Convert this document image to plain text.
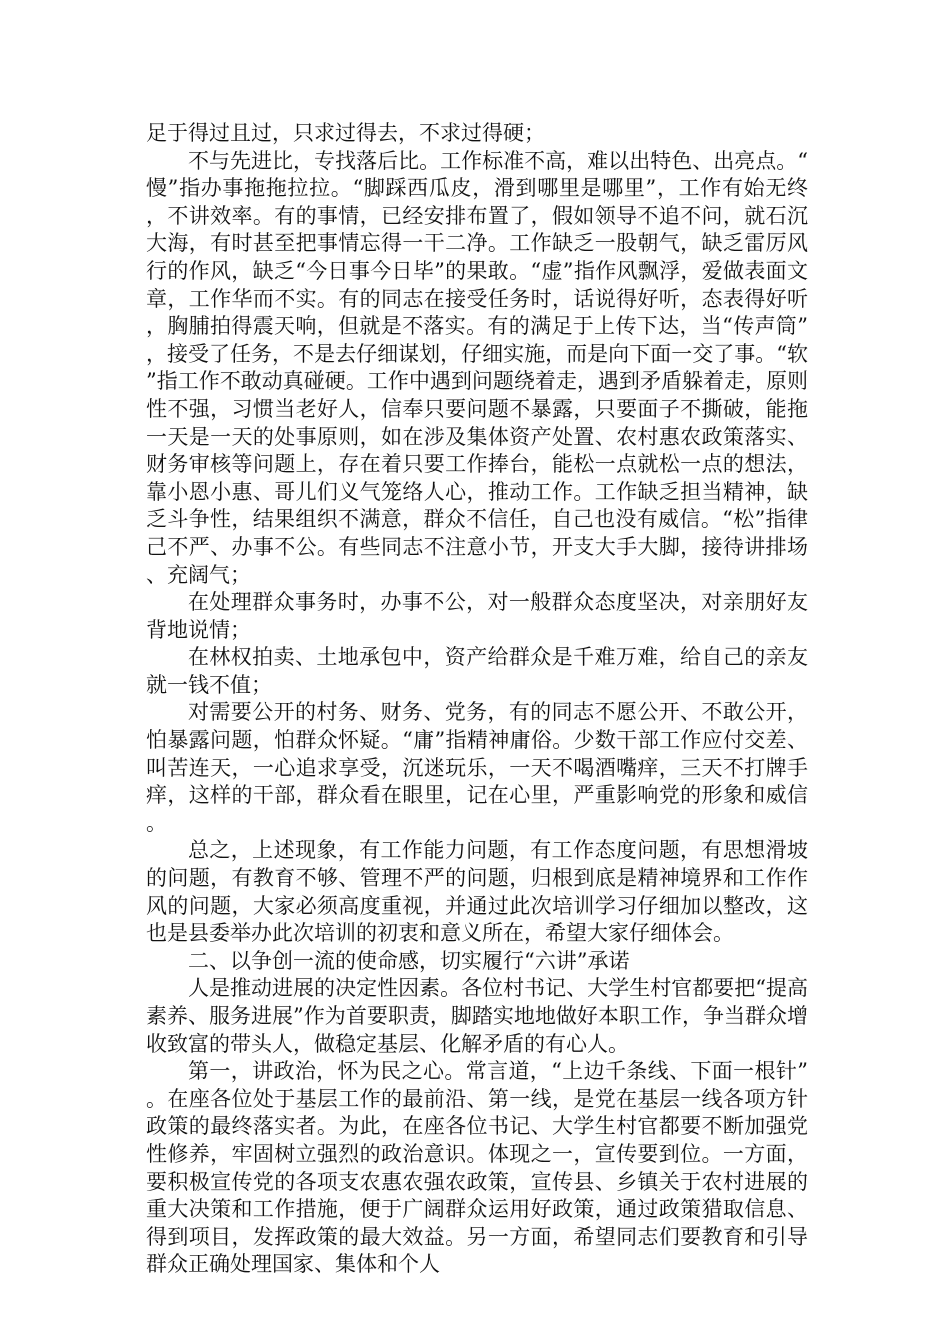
足于得过且过，只求过得去，不求过得硬；

不与先进比，专找落后比。工作标准不高，难以出特色、出亮点。“慢”指办事拖拖拉拉。“脚踩西瓜皮，滑到哪里是哪里”，工作有始无终，不讲效率。有的事情，已经安排布置了，假如领导不追不问，就石沉大海，有时甚至把事情忘得一干二净。工作缺乏一股朝气，缺乏雷厉风行的作风，缺乏“今日事今日毕”的果敢。“虚”指作风飘浮，爱做表面文章，工作华而不实。有的同志在接受任务时，话说得好听，态表得好听，胸脯拍得震天响，但就是不落实。有的满足于上传下达，当“传声筒”，接受了任务，不是去仔细谋划，仔细实施，而是向下面一交了事。“软”指工作不敢动真碰硬。工作中遇到问题绕着走，遇到矛盾躲着走，原则性不强，习惯当老好人，信奉只要问题不暴露，只要面子不撕破，能拖一天是一天的处事原则，如在涉及集体资产处置、农村惠农政策落实、财务审核等问题上，存在着只要工作捧台，能松一点就松一点的想法，靠小恩小惠、哥儿们义气笼络人心，推动工作。工作缺乏担当精神，缺乏斗争性，结果组织不满意，群众不信任，自己也没有威信。“松”指律己不严、办事不公。有些同志不注意小节，开支大手大脚，接待讲排场、充阔气；

在处理群众事务时，办事不公，对一般群众态度坚决，对亲朋好友背地说情；

在林权拍卖、土地承包中，资产给群众是千难万难，给自己的亲友就一钱不值；

对需要公开的村务、财务、党务，有的同志不愿公开、不敢公开，怕暴露问题，怕群众怀疑。“庸”指精神庸俗。少数干部工作应付交差、叫苦连天，一心追求享受，沉迷玩乐，一天不喝酒嘴痒，三天不打牌手痒，这样的干部，群众看在眼里，记在心里，严重影响党的形象和威信。

总之，上述现象，有工作能力问题，有工作态度问题，有思想滑坡的问题，有教育不够、管理不严的问题，归根到底是精神境界和工作作风的问题，大家必须高度重视，并通过此次培训学习仔细加以整改，这也是县委举办此次培训的初衷和意义所在，希望大家仔细体会。

二、以争创一流的使命感，切实履行“六讲”承诺

人是推动进展的决定性因素。各位村书记、大学生村官都要把“提高素养、服务进展”作为首要职责，脚踏实地地做好本职工作，争当群众增收致富的带头人，做稳定基层、化解矛盾的有心人。

第一，讲政治，怀为民之心。常言道，“上边千条线、下面一根针”。在座各位处于基层工作的最前沿、第一线，是党在基层一线各项方针政策的最终落实者。为此，在座各位书记、大学生村官都要不断加强党性修养，牢固树立强烈的政治意识。体现之一，宣传要到位。一方面，要积极宣传党的各项支农惠农强农政策，宣传县、乡镇关于农村进展的重大决策和工作措施，便于广阔群众运用好政策，通过政策猎取信息、得到项目，发挥政策的最大效益。另一方面，希望同志们要教育和引导群众正确处理国家、集体和个人
